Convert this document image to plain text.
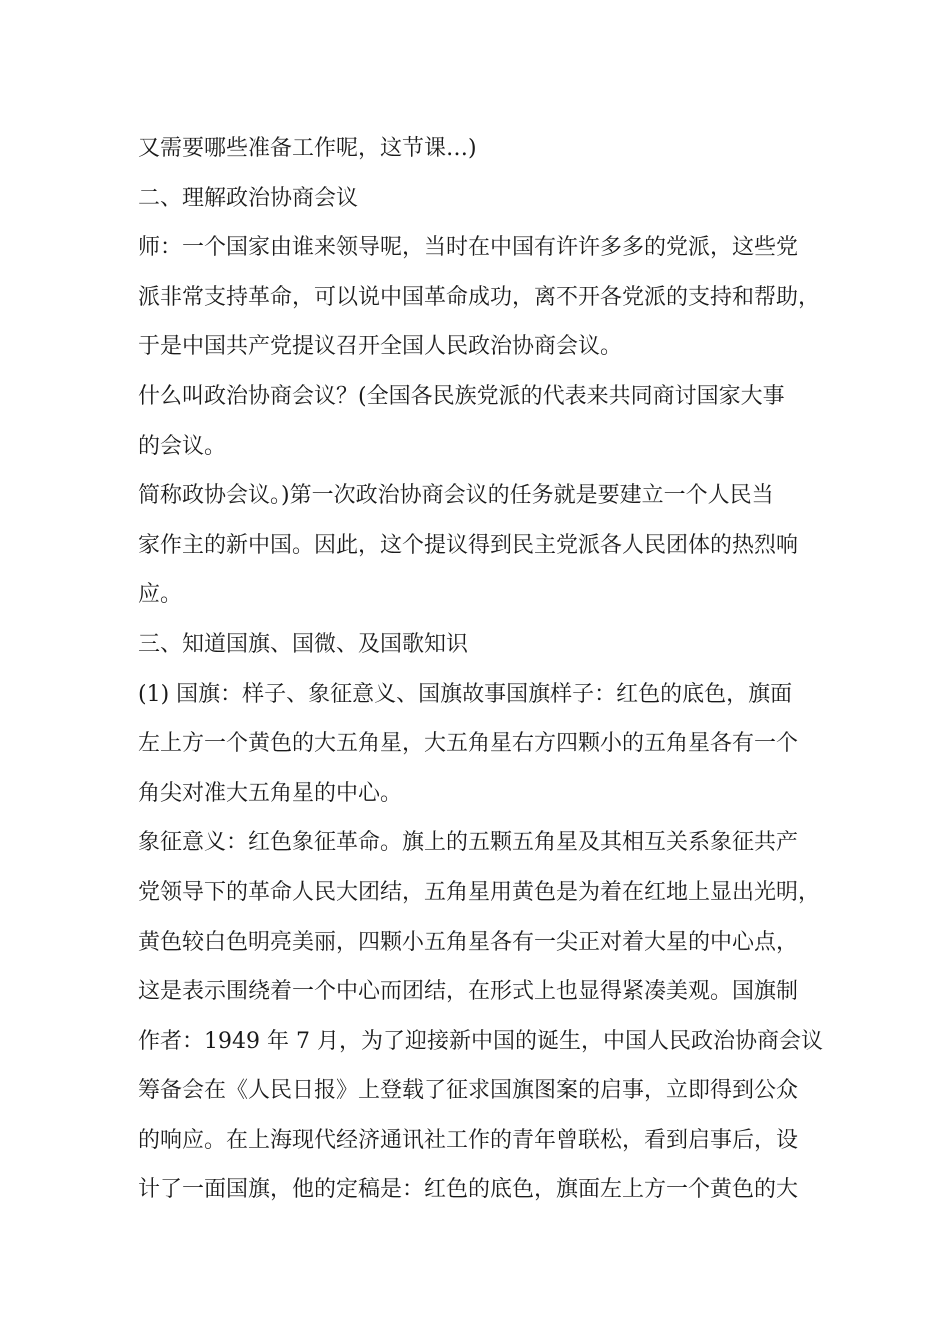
又需要哪些准备工作呢，这节课…)
二、理解政治协商会议
师：一个国家由谁来领导呢，当时在中国有许许多多的党派，这些党
派非常支持革命，可以说中国革命成功，离不开各党派的支持和帮助，
于是中国共产党提议召开全国人民政治协商会议。
什么叫政治协商会议？(全国各民族党派的代表来共同商讨国家大事
的会议。
简称政协会议。)第一次政治协商会议的任务就是要建立一个人民当
家作主的新中国。因此，这个提议得到民主党派各人民团体的热烈响
应。
三、知道国旗、国微、及国歌知识
(1) 国旗：样子、象征意义、国旗故事国旗样子：红色的底色，旗面
左上方一个黄色的大五角星，大五角星右方四颗小的五角星各有一个
角尖对准大五角星的中心。
象征意义：红色象征革命。旗上的五颗五角星及其相互关系象征共产
党领导下的革命人民大团结，五角星用黄色是为着在红地上显出光明，
黄色较白色明亮美丽，四颗小五角星各有一尖正对着大星的中心点，
这是表示围绕着一个中心而团结，在形式上也显得紧凑美观。国旗制
作者：1949 年 7 月，为了迎接新中国的诞生，中国人民政治协商会议
筹备会在《人民日报》上登载了征求国旗图案的启事，立即得到公众
的响应。在上海现代经济通讯社工作的青年曾联松，看到启事后，设
计了一面国旗，他的定稿是：红色的底色，旗面左上方一个黄色的大
